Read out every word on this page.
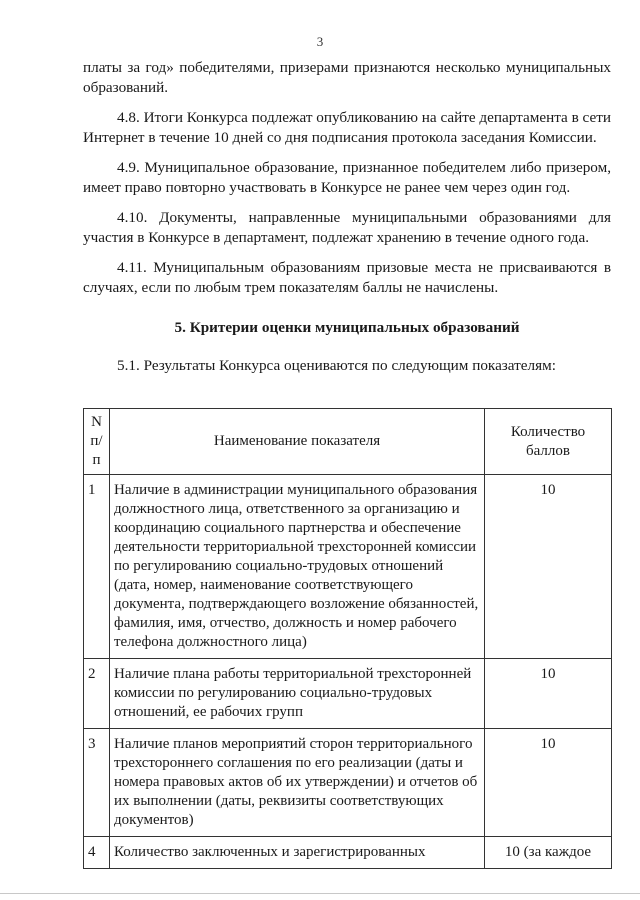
3

платы за год» победителями, призерами признаются несколько муниципальных образований.

4.8. Итоги Конкурса подлежат опубликованию на сайте департамента в сети Интернет в течение 10 дней со дня подписания протокола заседания Комиссии.

4.9. Муниципальное образование, признанное победителем либо призером, имеет право повторно участвовать в Конкурсе не ранее чем через один год.

4.10. Документы, направленные муниципальными образованиями для участия в Конкурсе в департамент, подлежат хранению в течение одного года.

4.11. Муниципальным образованиям призовые места не присваиваются в случаях, если по любым трем показателям баллы не начислены.

5. Критерии оценки муниципальных образований

5.1. Результаты Конкурса оцениваются по следующим показателям:

N п/п	Наименование показателя	Количество баллов
1	Наличие в администрации муниципального образования должностного лица, ответственного за организацию и координацию социального партнерства и обеспечение деятельности территориальной трехсторонней комиссии по регулированию социально-трудовых отношений (дата, номер, наименование соответствующего документа, подтверждающего возложение обязанностей, фамилия, имя, отчество, должность и номер рабочего телефона должностного лица)	10
2	Наличие плана работы территориальной трехсторонней комиссии по регулированию социально-трудовых отношений, ее рабочих групп	10
3	Наличие планов мероприятий сторон территориального трехстороннего соглашения по его реализации (даты и номера правовых актов об их утверждении) и отчетов об их выполнении (даты, реквизиты соответствующих документов)	10
4	Количество заключенных и зарегистрированных	10 (за каждое
